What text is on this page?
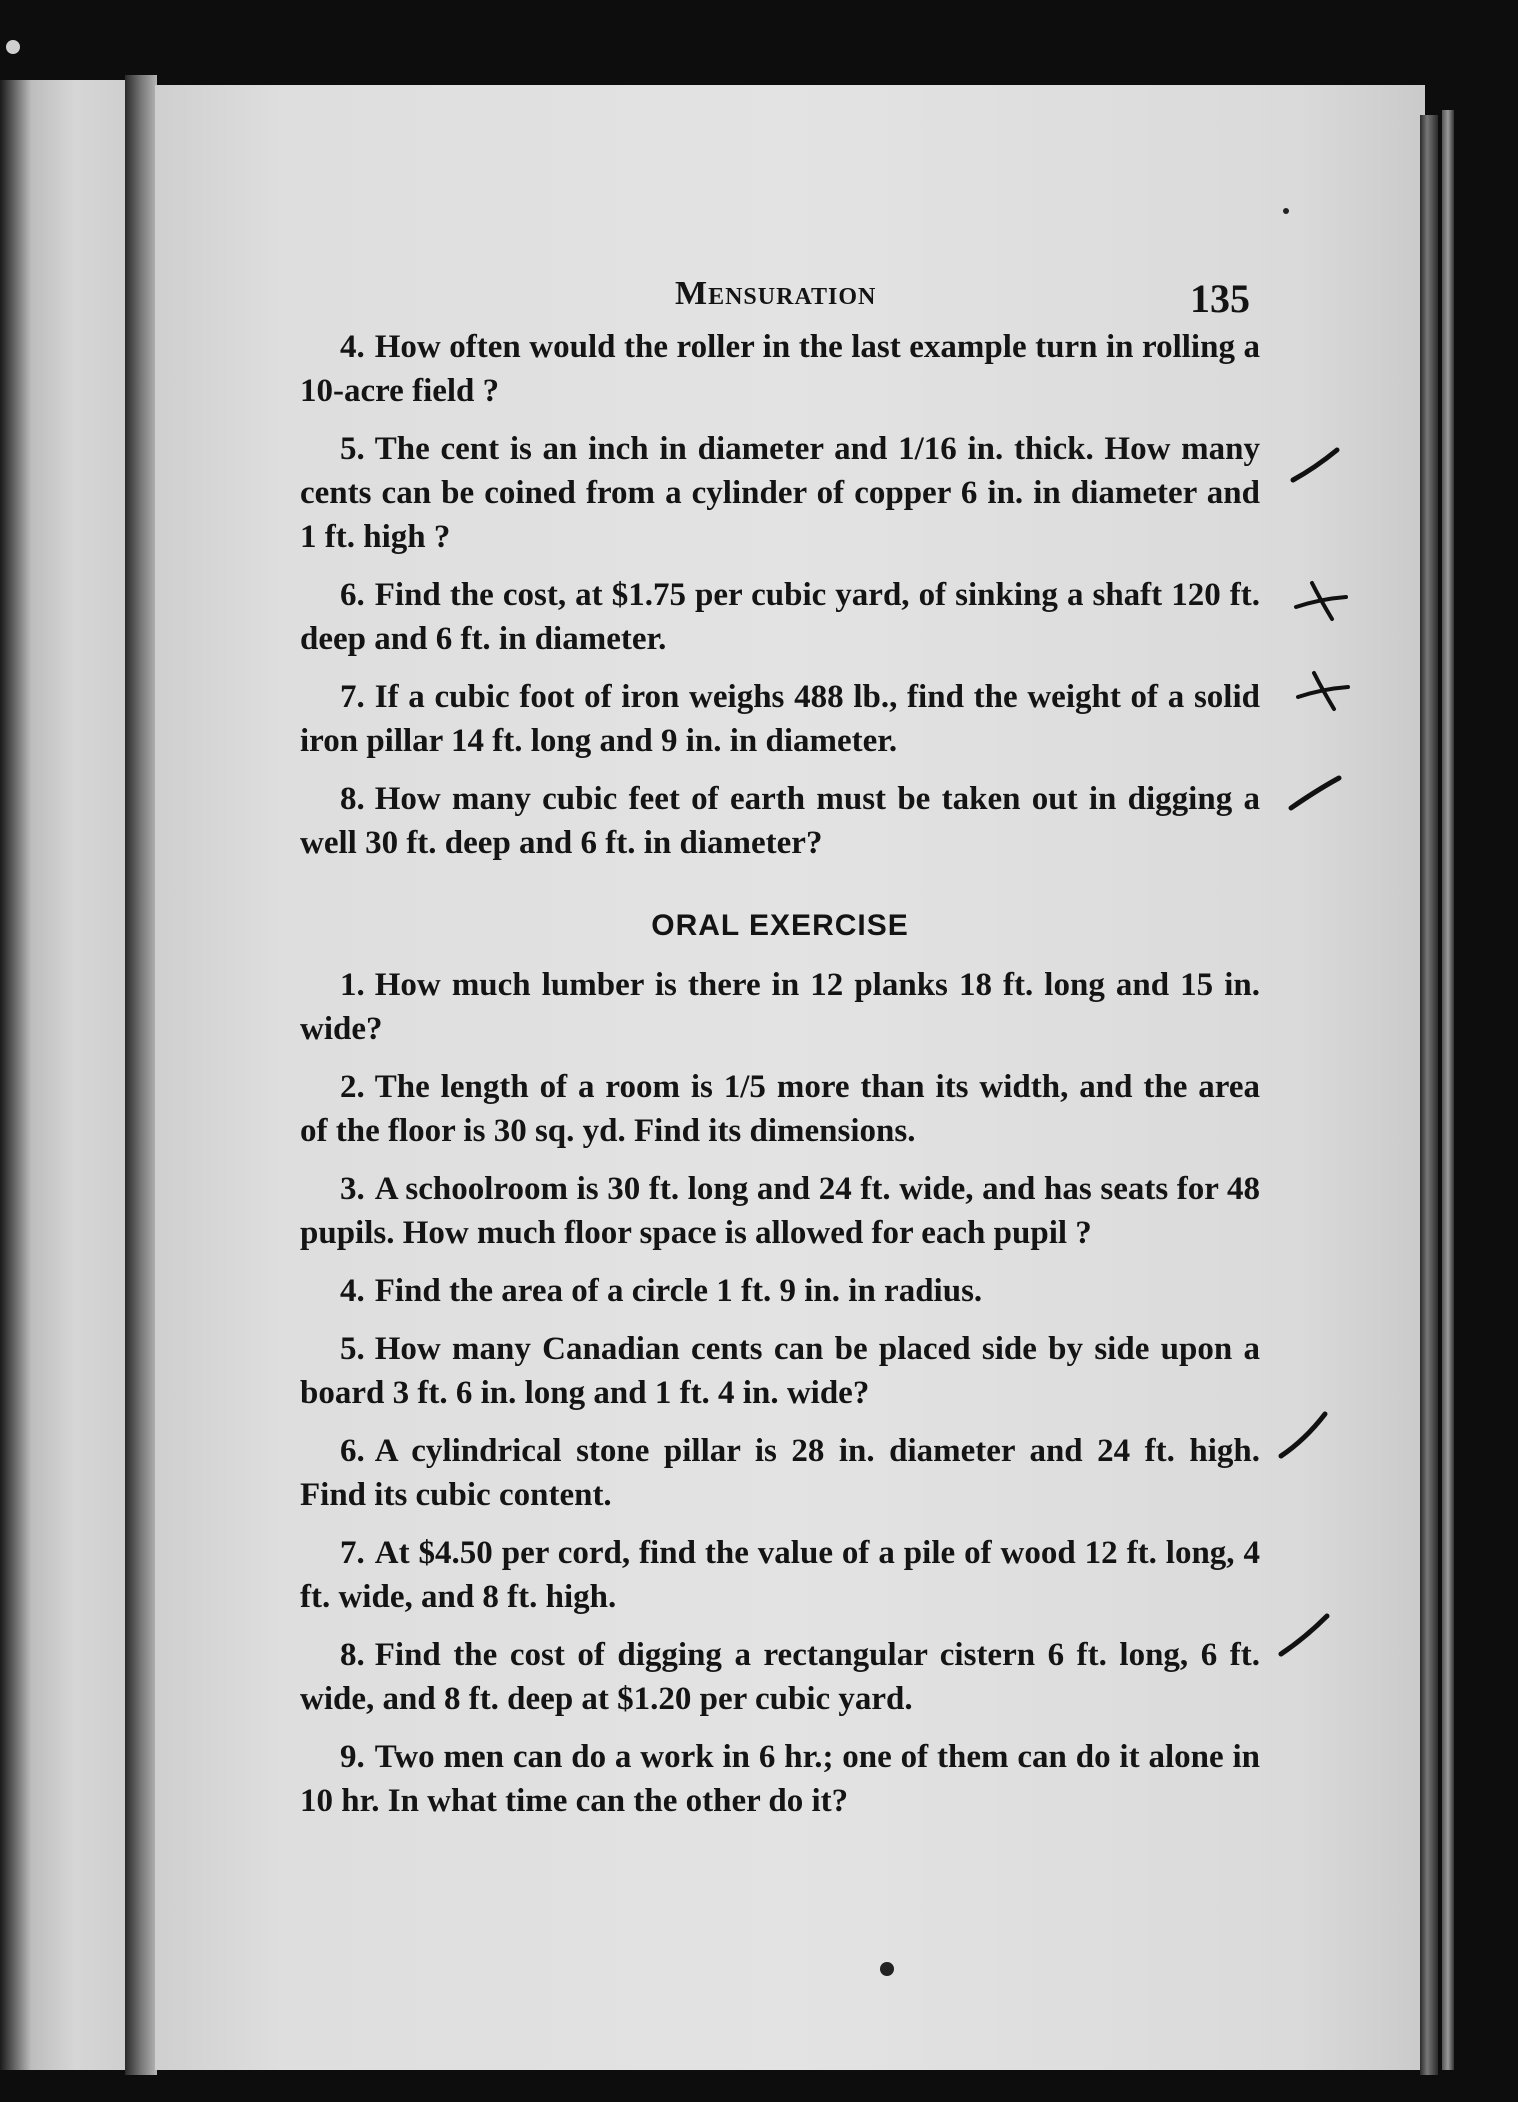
Mensuration	135

4. How often would the roller in the last example turn in rolling a 10-acre field ?

5. The cent is an inch in diameter and 1/16 in. thick. How many cents can be coined from a cylinder of copper 6 in. in diameter and 1 ft. high ?

6. Find the cost, at $1.75 per cubic yard, of sinking a shaft 120 ft. deep and 6 ft. in diameter.

7. If a cubic foot of iron weighs 488 lb., find the weight of a solid iron pillar 14 ft. long and 9 in. in diameter.

8. How many cubic feet of earth must be taken out in digging a well 30 ft. deep and 6 ft. in diameter?

ORAL EXERCISE

1. How much lumber is there in 12 planks 18 ft. long and 15 in. wide?

2. The length of a room is 1/5 more than its width, and the area of the floor is 30 sq. yd. Find its dimensions.

3. A schoolroom is 30 ft. long and 24 ft. wide, and has seats for 48 pupils. How much floor space is allowed for each pupil ?

4. Find the area of a circle 1 ft. 9 in. in radius.

5. How many Canadian cents can be placed side by side upon a board 3 ft. 6 in. long and 1 ft. 4 in. wide?

6. A cylindrical stone pillar is 28 in. diameter and 24 ft. high. Find its cubic content.

7. At $4.50 per cord, find the value of a pile of wood 12 ft. long, 4 ft. wide, and 8 ft. high.

8. Find the cost of digging a rectangular cistern 6 ft. long, 6 ft. wide, and 8 ft. deep at $1.20 per cubic yard.

9. Two men can do a work in 6 hr.; one of them can do it alone in 10 hr. In what time can the other do it?
